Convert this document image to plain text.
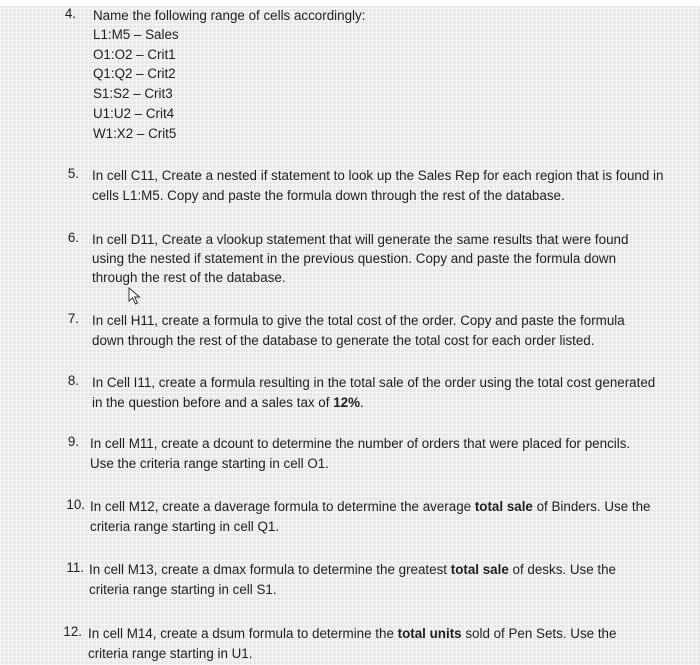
4. Name the following range of cells accordingly:
L1:M5 – Sales
O1:O2 – Crit1
Q1:Q2 – Crit2
S1:S2 – Crit3
U1:U2 – Crit4
W1:X2 – Crit5
5. In cell C11, Create a nested if statement to look up the Sales Rep for each region that is found in
cells L1:M5. Copy and paste the formula down through the rest of the database.
6. In cell D11, Create a vlookup statement that will generate the same results that were found
using the nested if statement in the previous question. Copy and paste the formula down
through the rest of the database.
7. In cell H11, create a formula to give the total cost of the order. Copy and paste the formula
down through the rest of the database to generate the total cost for each order listed.
8. In Cell I11, create a formula resulting in the total sale of the order using the total cost generated
in the question before and a sales tax of 12%.
9. In cell M11, create a dcount to determine the number of orders that were placed for pencils.
Use the criteria range starting in cell O1.
10. In cell M12, create a daverage formula to determine the average total sale of Binders. Use the
criteria range starting in cell Q1.
11. In cell M13, create a dmax formula to determine the greatest total sale of desks. Use the
criteria range starting in cell S1.
12. In cell M14, create a dsum formula to determine the total units sold of Pen Sets. Use the
criteria range starting in U1.
